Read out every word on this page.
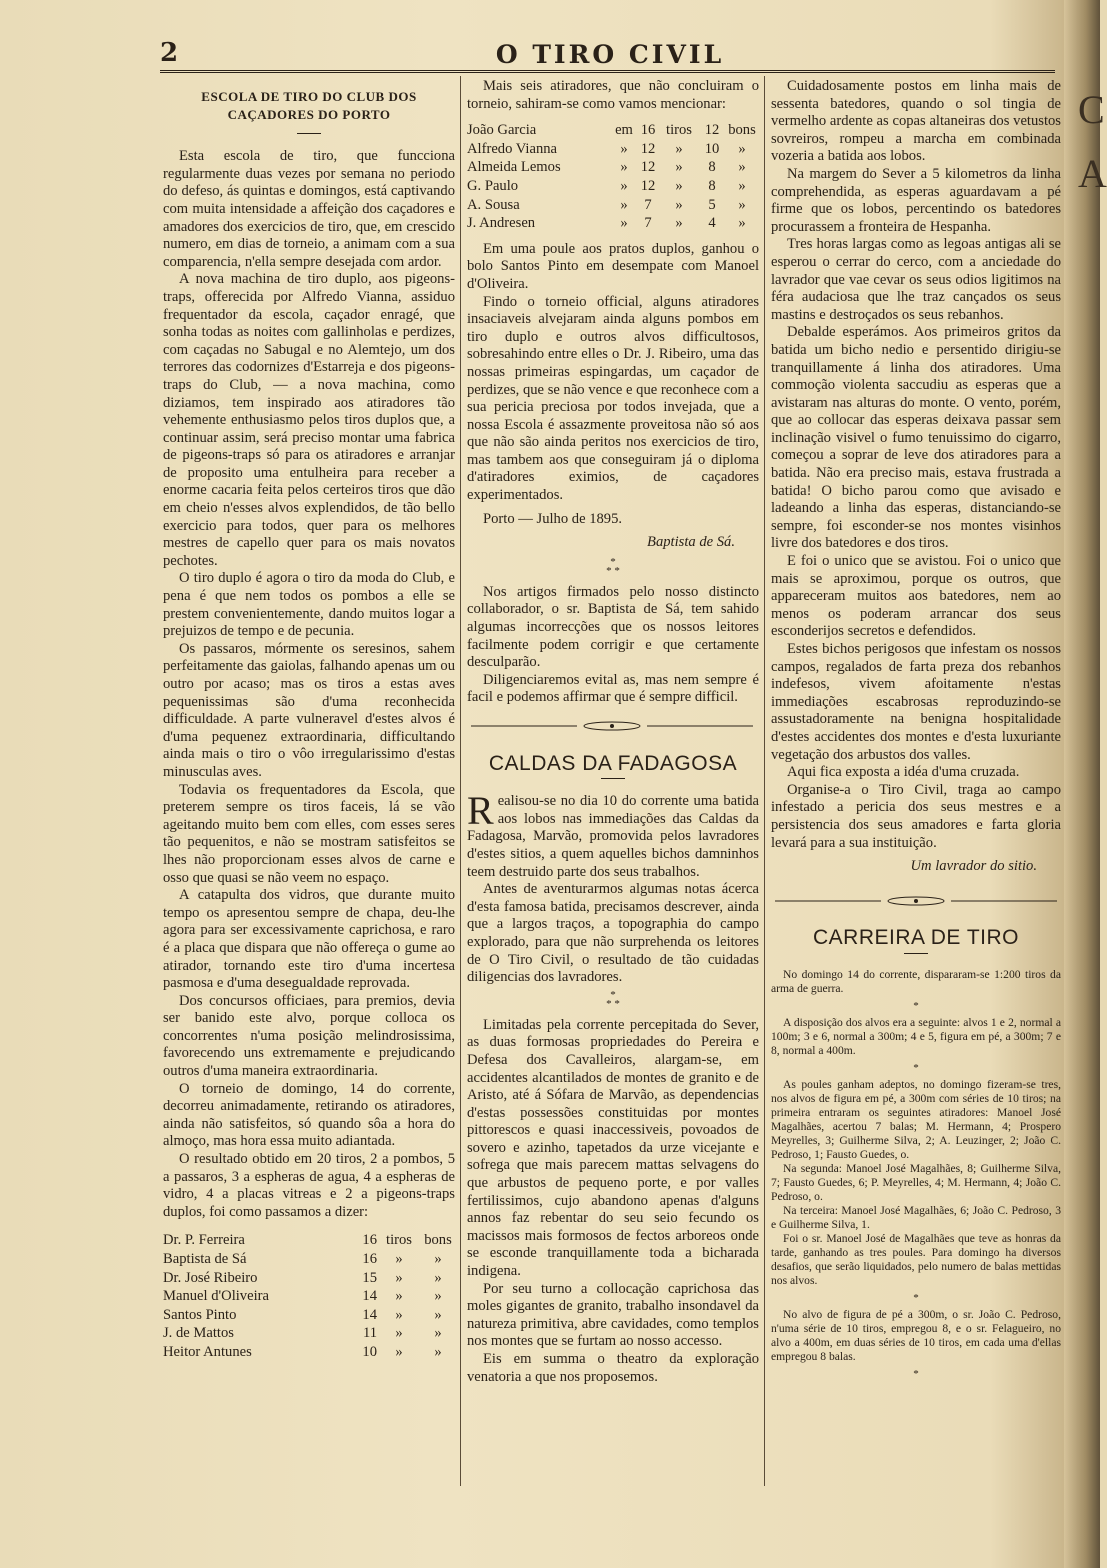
C
A
2	O TIRO CIVIL
ESCOLA DE TIRO DO CLUB DOS CAÇADORES DO PORTO

Esta escola de tiro, que funcciona regularmente duas vezes por semana no periodo do defeso, ás quintas e domingos, está captivando com muita intensidade a affeição dos caçadores e amadores dos exercicios de tiro, que, em crescido numero, em dias de torneio, a animam com a sua comparencia, n'ella sempre desejada com ardor.

A nova machina de tiro duplo, aos pigeons-traps, offerecida por Alfredo Vianna, assiduo frequentador da escola, caçador enragé, que sonha todas as noites com gallinholas e perdizes, com caçadas no Sabugal e no Alemtejo, um dos terrores das codornizes d'Estarreja e dos pigeons-traps do Club, — a nova machina, como diziamos, tem inspirado aos atiradores tão vehemente enthusiasmo pelos tiros duplos que, a continuar assim, será preciso montar uma fabrica de pigeons-traps só para os atiradores e arranjar de proposito uma entulheira para receber a enorme cacaria feita pelos certeiros tiros que dão em cheio n'esses alvos explendidos, de tão bello exercicio para todos, quer para os melhores mestres de capello quer para os mais novatos pechotes.

O tiro duplo é agora o tiro da moda do Club, e pena é que nem todos os pombos a elle se prestem convenientemente, dando muitos logar a prejuizos de tempo e de pecunia.

Os passaros, mórmente os seresinos, sahem perfeitamente das gaiolas, falhando apenas um ou outro por acaso; mas os tiros a estas aves pequenissimas são d'uma reconhecida difficuldade. A parte vulneravel d'estes alvos é d'uma pequenez extraordinaria, difficultando ainda mais o tiro o vôo irregularissimo d'estas minusculas aves.

Todavia os frequentadores da Escola, que preterem sempre os tiros faceis, lá se vão ageitando muito bem com elles, com esses seres tão pequenitos, e não se mostram satisfeitos se lhes não proporcionam esses alvos de carne e osso que quasi se não veem no espaço.

A catapulta dos vidros, que durante muito tempo os apresentou sempre de chapa, deu-lhe agora para ser excessivamente caprichosa, e raro é a placa que dispara que não offereça o gume ao atirador, tornando este tiro d'uma incertesa pasmosa e d'uma desegualdade reprovada.

Dos concursos officiaes, para premios, devia ser banido este alvo, porque colloca os concorrentes n'uma posição melindrosissima, favorecendo uns extremamente e prejudicando outros d'uma maneira extraordinaria.

O torneio de domingo, 14 do corrente, decorreu animadamente, retirando os atiradores, ainda não satisfeitos, só quando sôa a hora do almoço, mas hora essa muito adiantada.

O resultado obtido em 20 tiros, 2 a pombos, 5 a passaros, 3 a espheras de agua, 4 a espheras de vidro, 4 a placas vitreas e 2 a pigeons-traps duplos, foi como passamos a dizer:

Dr. P. Ferreira	16	tiros	bons
Baptista de Sá	16	»	»
Dr. José Ribeiro	15	»	»
Manuel d'Oliveira	14	»	»
Santos Pinto	14	»	»
J. de Mattos	11	»	»
Heitor Antunes	10	»	»

Mais seis atiradores, que não concluiram o torneio, sahiram-se como vamos mencionar:

João Garcia	em	16	tiros	12	bons
Alfredo Vianna	»	12	»	10	»
Almeida Lemos	»	12	»	8	»
G. Paulo	»	12	»	8	»
A. Sousa	»	7	»	5	»
J. Andresen	»	7	»	4	»

Em uma poule aos pratos duplos, ganhou o bolo Santos Pinto em desempate com Manoel d'Oliveira.

Findo o torneio official, alguns atiradores insaciaveis alvejaram ainda alguns pombos em tiro duplo e outros alvos difficultosos, sobresahindo entre elles o Dr. J. Ribeiro, uma das nossas primeiras espingardas, um caçador de perdizes, que se não vence e que reconhece com a sua pericia preciosa por todos invejada, que a nossa Escola é assazmente proveitosa não só aos que não são ainda peritos nos exercicios de tiro, mas tambem aos que conseguiram já o diploma d'atiradores eximios, de caçadores experimentados.

Porto — Julho de 1895.

Baptista de Sá.
*
* *

Nos artigos firmados pelo nosso distincto collaborador, o sr. Baptista de Sá, tem sahido algumas incorrecções que os nossos leitores facilmente podem corrigir e que certamente desculparão.

Diligenciaremos evital as, mas nem sempre é facil e podemos affirmar que é sempre difficil.

CALDAS DA FADAGOSA

Realisou-se no dia 10 do corrente uma batida aos lobos nas immediações das Caldas da Fadagosa, Marvão, promovida pelos lavradores d'estes sitios, a quem aquelles bichos damninhos teem destruido parte dos seus trabalhos.

Antes de aventurarmos algumas notas ácerca d'esta famosa batida, precisamos descrever, ainda que a largos traços, a topographia do campo explorado, para que não surprehenda os leitores de O Tiro Civil, o resultado de tão cuidadas diligencias dos lavradores.

*
* *

Limitadas pela corrente percepitada do Sever, as duas formosas propriedades do Pereira e Defesa dos Cavalleiros, alargam-se, em accidentes alcantilados de montes de granito e de Aristo, até á Sófara de Marvão, as dependencias d'estas possessões constituidas por montes pittorescos e quasi inaccessiveis, povoados de sovero e azinho, tapetados da urze vicejante e sofrega que mais parecem mattas selvagens do que arbustos de pequeno porte, e por valles fertilissimos, cujo abandono apenas d'alguns annos faz rebentar do seu seio fecundo os macissos mais formosos de fectos arboreos onde se esconde tranquillamente toda a bicharada indigena.

Por seu turno a collocação caprichosa das moles gigantes de granito, trabalho insondavel da natureza primitiva, abre cavidades, como templos nos montes que se furtam ao nosso accesso.

Eis em summa o theatro da exploração venatoria a que nos proposemos.

Cuidadosamente postos em linha mais de sessenta batedores, quando o sol tingia de vermelho ardente as copas altaneiras dos vetustos sovreiros, rompeu a marcha em combinada vozeria a batida aos lobos.

Na margem do Sever a 5 kilometros da linha comprehendida, as esperas aguardavam a pé firme que os lobos, percentindo os batedores procurassem a fronteira de Hespanha.

Tres horas largas como as legoas antigas ali se esperou o cerrar do cerco, com a anciedade do lavrador que vae cevar os seus odios ligitimos na féra audaciosa que lhe traz cançados os seus mastins e destroçados os seus rebanhos.

Debalde esperámos. Aos primeiros gritos da batida um bicho nedio e persentido dirigiu-se tranquillamente á linha dos atiradores. Uma commoção violenta saccudiu as esperas que a avistaram nas alturas do monte. O vento, porém, que ao collocar das esperas deixava passar sem inclinação visivel o fumo tenuissimo do cigarro, começou a soprar de leve dos atiradores para a batida. Não era preciso mais, estava frustrada a batida! O bicho parou como que avisado e ladeando a linha das esperas, distanciando-se sempre, foi esconder-se nos montes visinhos livre dos batedores e dos tiros.

E foi o unico que se avistou. Foi o unico que mais se aproximou, porque os outros, que appareceram muitos aos batedores, nem ao menos os poderam arrancar dos seus esconderijos secretos e defendidos.

Estes bichos perigosos que infestam os nossos campos, regalados de farta preza dos rebanhos indefesos, vivem afoitamente n'estas immediações escabrosas reproduzindo-se assustadoramente na benigna hospitalidade d'estes accidentes dos montes e d'esta luxuriante vegetação dos arbustos dos valles.

Aqui fica exposta a idéa d'uma cruzada.

Organise-a o Tiro Civil, traga ao campo infestado a pericia dos seus mestres e a persistencia dos seus amadores e farta gloria levará para a sua instituição.

Um lavrador do sitio.
CARREIRA DE TIRO

No domingo 14 do corrente, dispararam-se 1:200 tiros da arma de guerra.

*

A disposição dos alvos era a seguinte: alvos 1 e 2, normal a 100m; 3 e 6, normal a 300m; 4 e 5, figura em pé, a 300m; 7 e 8, normal a 400m.

*

As poules ganham adeptos, no domingo fizeram-se tres, nos alvos de figura em pé, a 300m com séries de 10 tiros; na primeira entraram os seguintes atiradores: Manoel José Magalhães, acertou 7 balas; M. Hermann, 4; Prospero Meyrelles, 3; Guilherme Silva, 2; A. Leuzinger, 2; João C. Pedroso, 1; Fausto Guedes, o.

Na segunda: Manoel José Magalhães, 8; Guilherme Silva, 7; Fausto Guedes, 6; P. Meyrelles, 4; M. Hermann, 4; João C. Pedroso, o.

Na terceira: Manoel José Magalhães, 6; João C. Pedroso, 3 e Guilherme Silva, 1.

Foi o sr. Manoel José de Magalhães que teve as honras da tarde, ganhando as tres poules. Para domingo ha diversos desafios, que serão liquidados, pelo numero de balas mettidas nos alvos.

*

No alvo de figura de pé a 300m, o sr. João C. Pedroso, n'uma série de 10 tiros, empregou 8, e o sr. Felagueiro, no alvo a 400m, em duas séries de 10 tiros, em cada uma d'ellas empregou 8 balas.

*
